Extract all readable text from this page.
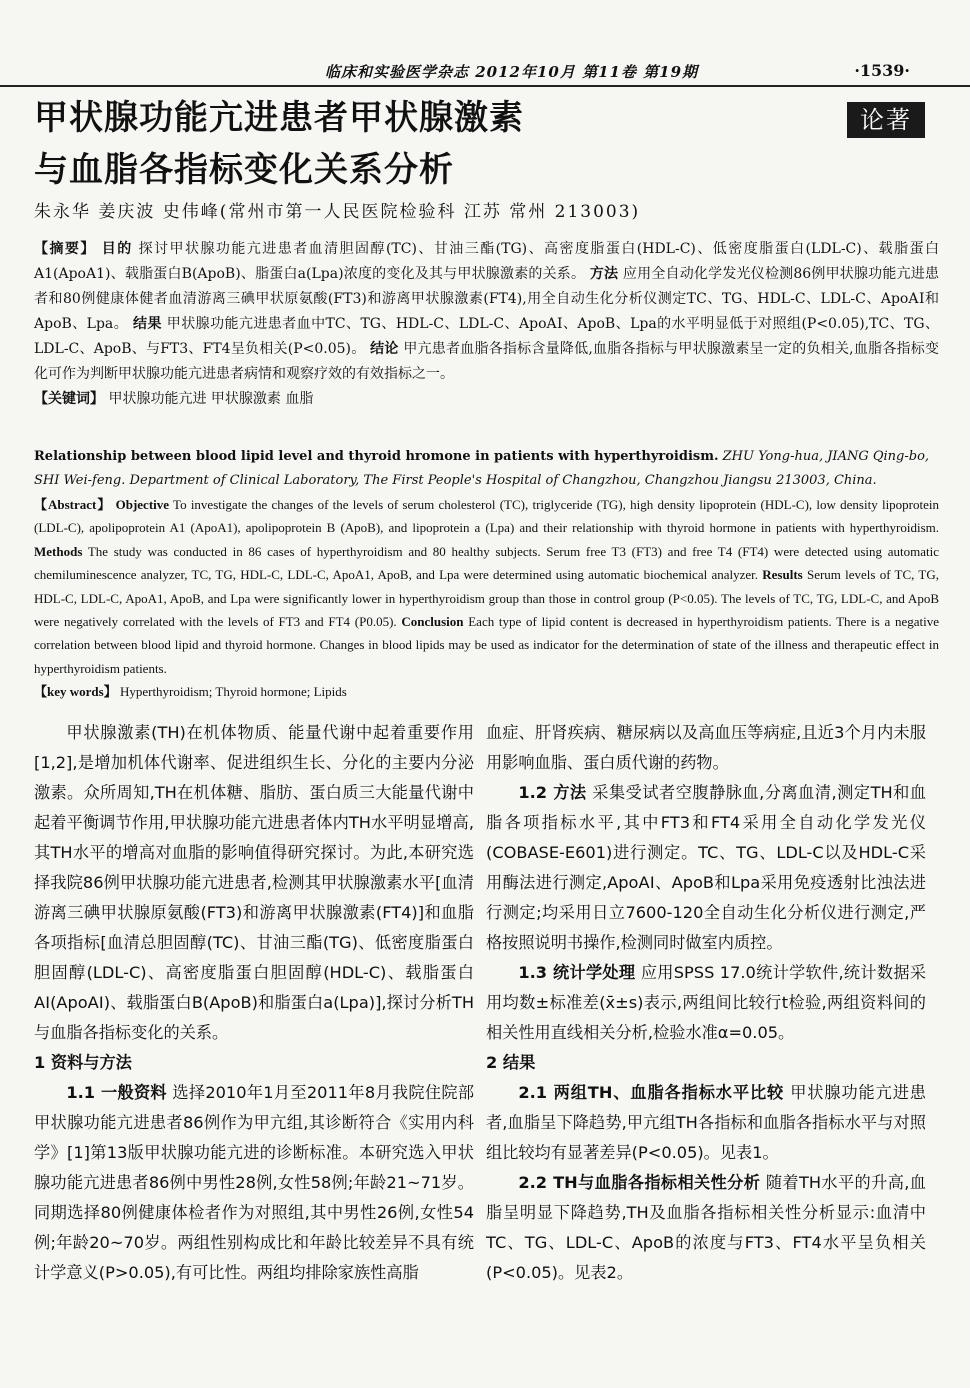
临床和实验医学杂志 2012年10月 第11卷 第19期	·1539·
甲状腺功能亢进患者甲状腺激素
与血脂各指标变化关系分析
论著
朱永华 姜庆波 史伟峰(常州市第一人民医院检验科 江苏 常州 213003)
【摘要】 目的 探讨甲状腺功能亢进患者血清胆固醇(TC)、甘油三酯(TG)、高密度脂蛋白(HDL-C)、低密度脂蛋白(LDL-C)、载脂蛋白A1(ApoA1)、载脂蛋白B(ApoB)、脂蛋白a(Lpa)浓度的变化及其与甲状腺激素的关系。 方法 应用全自动化学发光仪检测86例甲状腺功能亢进患者和80例健康体健者血清游离三碘甲状原氨酸(FT3)和游离甲状腺激素(FT4),用全自动生化分析仪测定TC、TG、HDL-C、LDL-C、ApoAⅠ和ApoB、Lpa。 结果 甲状腺功能亢进患者血中TC、TG、HDL-C、LDL-C、ApoAⅠ、ApoB、Lpa的水平明显低于对照组(P<0.05),TC、TG、LDL-C、ApoB、与FT3、FT4呈负相关(P<0.05)。 结论 甲亢患者血脂各指标含量降低,血脂各指标与甲状腺激素呈一定的负相关,血脂各指标变化可作为判断甲状腺功能亢进患者病情和观察疗效的有效指标之一。
【关键词】 甲状腺功能亢进 甲状腺激素 血脂
Relationship between blood lipid level and thyroid hromone in patients with hyperthyroidism. ZHU Yong-hua, JIANG Qing-bo, SHI Wei-feng. Department of Clinical Laboratory, The First People's Hospital of Changzhou, Changzhou Jiangsu 213003, China.
【Abstract】 Objective To investigate the changes of the levels of serum cholesterol (TC), triglyceride (TG), high density lipoprotein (HDL-C), low density lipoprotein (LDL-C), apolipoprotein A1 (ApoA1), apolipoprotein B (ApoB), and lipoprotein a (Lpa) and their relationship with thyroid hormone in patients with hyperthyroidism. Methods The study was conducted in 86 cases of hyperthyroidism and 80 healthy subjects. Serum free T3 (FT3) and free T4 (FT4) were detected using automatic chemiluminescence analyzer, TC, TG, HDL-C, LDL-C, ApoA1, ApoB, and Lpa were determined using automatic biochemical analyzer. Results Serum levels of TC, TG, HDL-C, LDL-C, ApoA1, ApoB, and Lpa were significantly lower in hyperthyroidism group than those in control group (P<0.05). The levels of TC, TG, LDL-C, and ApoB were negatively correlated with the levels of FT3 and FT4 (P0.05). Conclusion Each type of lipid content is decreased in hyperthyroidism patients. There is a negative correlation between blood lipid and thyroid hormone. Changes in blood lipids may be used as indicator for the determination of state of the illness and therapeutic effect in hyperthyroidism patients.
【key words】 Hyperthyroidism; Thyroid hormone; Lipids

甲状腺激素(TH)在机体物质、能量代谢中起着重要作用[1,2],是增加机体代谢率、促进组织生长、分化的主要内分泌激素。众所周知,TH在机体糖、脂肪、蛋白质三大能量代谢中起着平衡调节作用,甲状腺功能亢进患者体内TH水平明显增高,其TH水平的增高对血脂的影响值得研究探讨。为此,本研究选择我院86例甲状腺功能亢进患者,检测其甲状腺激素水平[血清游离三碘甲状腺原氨酸(FT3)和游离甲状腺激素(FT4)]和血脂各项指标[血清总胆固醇(TC)、甘油三酯(TG)、低密度脂蛋白胆固醇(LDL-C)、高密度脂蛋白胆固醇(HDL-C)、载脂蛋白AⅠ(ApoAⅠ)、载脂蛋白B(ApoB)和脂蛋白a(Lpa)],探讨分析TH与血脂各指标变化的关系。

1 资料与方法

1.1 一般资料 选择2010年1月至2011年8月我院住院部甲状腺功能亢进患者86例作为甲亢组,其诊断符合《实用内科学》[1]第13版甲状腺功能亢进的诊断标准。本研究选入甲状腺功能亢进患者86例中男性28例,女性58例;年龄21~71岁。同期选择80例健康体检者作为对照组,其中男性26例,女性54例;年龄20~70岁。两组性别构成比和年龄比较差异不具有统计学意义(P>0.05),有可比性。两组均排除家族性高脂

血症、肝肾疾病、糖尿病以及高血压等病症,且近3个月内未服用影响血脂、蛋白质代谢的药物。

1.2 方法 采集受试者空腹静脉血,分离血清,测定TH和血脂各项指标水平,其中FT3和FT4采用全自动化学发光仪(COBASE-E601)进行测定。TC、TG、LDL-C以及HDL-C采用酶法进行测定,ApoAⅠ、ApoB和Lpa采用免疫透射比浊法进行测定;均采用日立7600-120全自动生化分析仪进行测定,严格按照说明书操作,检测同时做室内质控。

1.3 统计学处理 应用SPSS 17.0统计学软件,统计数据采用均数±标准差(x̄±s)表示,两组间比较行t检验,两组资料间的相关性用直线相关分析,检验水准α=0.05。

2 结果

2.1 两组TH、血脂各指标水平比较 甲状腺功能亢进患者,血脂呈下降趋势,甲亢组TH各指标和血脂各指标水平与对照组比较均有显著差异(P<0.05)。见表1。

2.2 TH与血脂各指标相关性分析 随着TH水平的升高,血脂呈明显下降趋势,TH及血脂各指标相关性分析显示:血清中TC、TG、LDL-C、ApoB的浓度与FT3、FT4水平呈负相关(P<0.05)。见表2。
